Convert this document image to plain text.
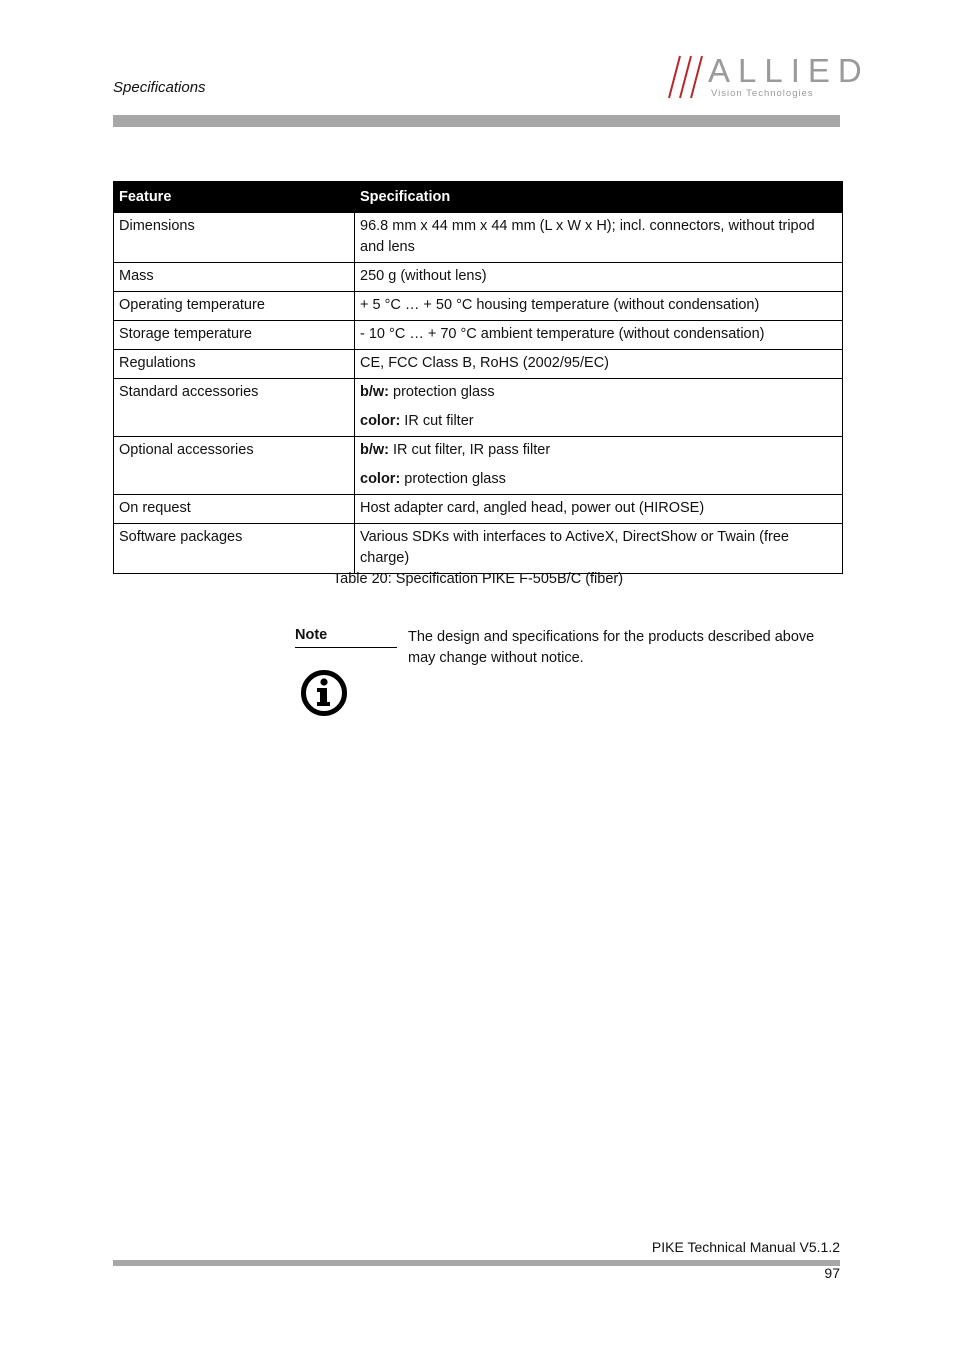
Specifications	ALLIED
Vision Technologies
Feature	Specification
Dimensions	96.8 mm x 44 mm x 44 mm (L x W x H); incl. connectors, without tripod and lens
Mass	250 g (without lens)
Operating temperature	+ 5 °C … + 50 °C housing temperature (without condensation)
Storage temperature	- 10 °C … + 70 °C ambient temperature (without condensation)
Regulations	CE, FCC Class B, RoHS (2002/95/EC)
Standard accessories	b/w: protection glass
color: IR cut filter

Optional accessories	b/w: IR cut filter, IR pass filter
color: protection glass

On request	Host adapter card, angled head, power out (HIROSE)
Software packages	Various SDKs with interfaces to ActiveX, DirectShow or Twain (free charge)
Table 20: Specification PIKE F-505B/C (fiber)
Note	The design and specifications for the products described above may change without notice.
PIKE Technical Manual V5.1.2
97
